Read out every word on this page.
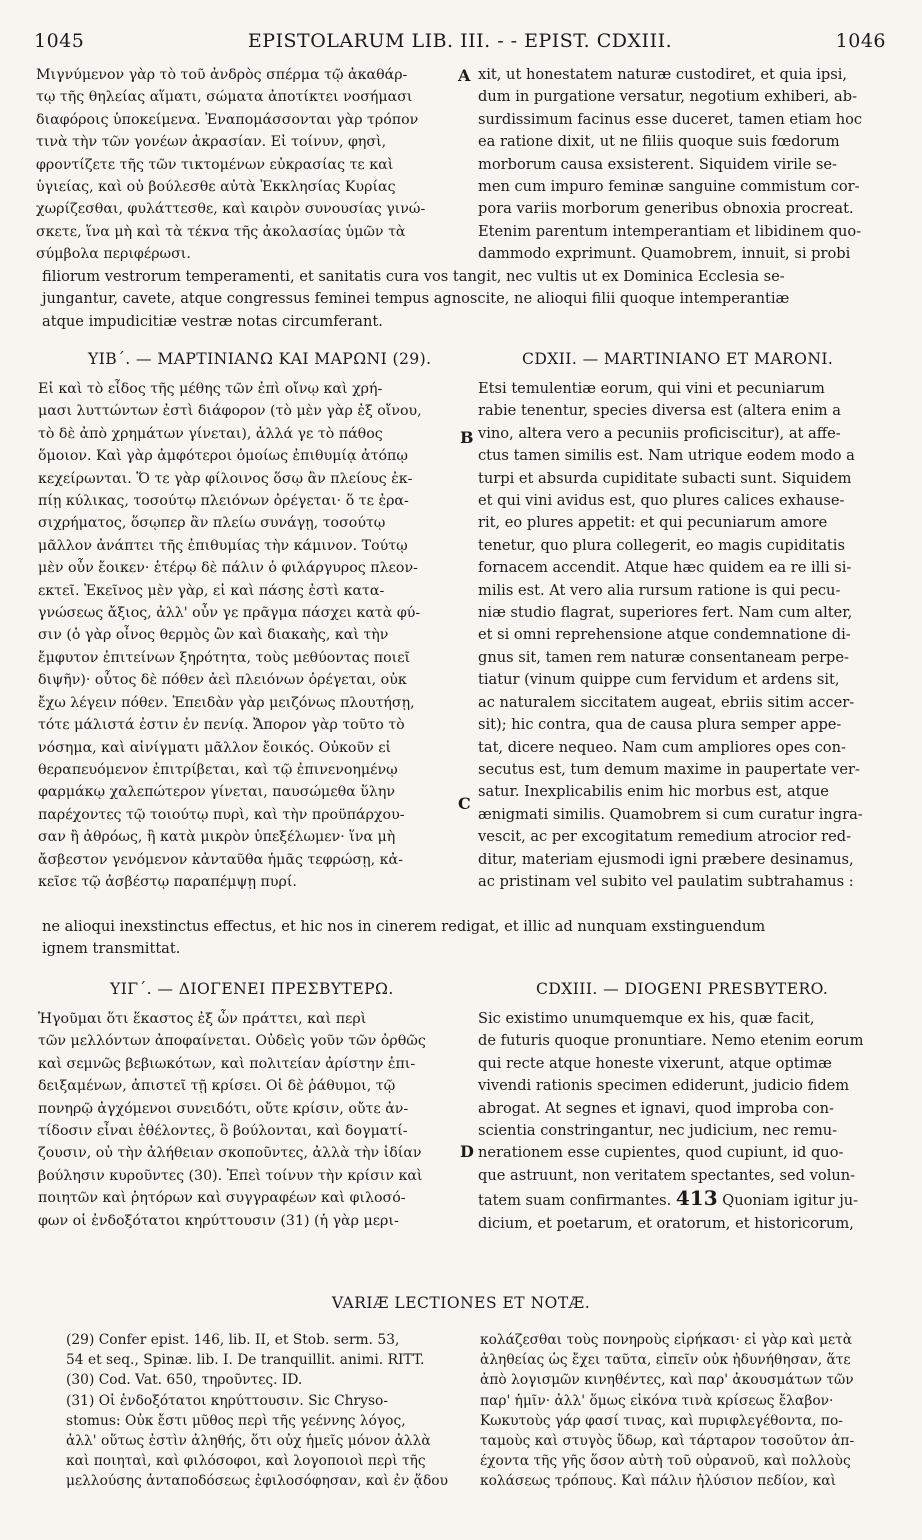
1045	EPISTOLARUM LIB. III. - - EPIST. CDXIII.	1046
Μιγνύμενον γὰρ τὸ τοῦ ἀνδρὸς σπέρμα τῷ ἀκαθάρ-
τῳ τῆς θηλείας αἵματι, σώματα ἀποτίκτει νοσήμασι
διαφόροις ὑποκείμενα. Ἐναπομάσσονται γὰρ τρόπον
τινὰ τὴν τῶν γονέων ἀκρασίαν. Εἰ τοίνυν, φησὶ,
φροντίζετε τῆς τῶν τικτομένων εὐκρασίας τε καὶ
ὑγιείας, καὶ οὐ βούλεσθε αὐτὰ Ἐκκλησίας Κυρίας
χωρίζεσθαι, φυλάττεσθε, καὶ καιρὸν συνουσίας γινώ-
σκετε, ἵνα μὴ καὶ τὰ τέκνα τῆς ἀκολασίας ὑμῶν τὰ
σύμβολα περιφέρωσι.
A xit, ut honestatem naturæ custodiret, et quia ipsi,
dum in purgatione versatur, negotium exhiberi, ab-
surdissimum facinus esse duceret, tamen etiam hoc
ea ratione dixit, ut ne filiis quoque suis fœdorum
morborum causa exsisterent. Siquidem virile se-
men cum impuro feminæ sanguine commistum cor-
pora variis morborum generibus obnoxia procreat.
Etenim parentum intemperantiam et libidinem quo-
dammodo exprimunt. Quamobrem, innuit, si probi
filiorum vestrorum temperamenti, et sanitatis cura vos tangit, nec vultis ut ex Dominica Ecclesia se-
jungantur, cavete, atque congressus feminei tempus agnoscite, ne alioqui filii quoque intemperantiæ
atque impudicitiæ vestræ notas circumferant.
ΥΙΒ΄. — ΜΑΡΤΙΝΙΑΝΩ ΚΑΙ ΜΑΡΩΝΙ (29).	CDXII. — MARTINIANO ET MARONI.
Εἰ καὶ τὸ εἶδος τῆς μέθης τῶν ἐπὶ οἴνῳ καὶ χρή-
μασι λυττώντων ἐστὶ διάφορον (τὸ μὲν γὰρ ἐξ οἴνου,
τὸ δὲ ἀπὸ χρημάτων γίνεται), ἀλλά γε τὸ πάθος
ὅμοιον. Καὶ γὰρ ἀμφότεροι ὁμοίως ἐπιθυμίᾳ ἀτόπῳ
κεχείρωνται. Ὅ τε γὰρ φίλοινος ὅσῳ ἂν πλείους ἐκ-
πίῃ κύλικας, τοσούτῳ πλειόνων ὀρέγεται· ὅ τε ἐρα-
σιχρήματος, ὅσῳπερ ἂν πλείω συνάγῃ, τοσούτῳ
μᾶλλον ἀνάπτει τῆς ἐπιθυμίας τὴν κάμινον. Τούτῳ
μὲν οὖν ἔοικεν· ἑτέρῳ δὲ πάλιν ὁ φιλάργυρος πλεον-
εκτεῖ. Ἐκεῖνος μὲν γὰρ, εἰ καὶ πάσης ἐστὶ κατα-
γνώσεως ἄξιος, ἀλλ' οὖν γε πρᾶγμα πάσχει κατὰ φύ-
σιν (ὁ γὰρ οἶνος θερμὸς ὢν καὶ διακαὴς, καὶ τὴν
ἔμφυτον ἐπιτείνων ξηρότητα, τοὺς μεθύοντας ποιεῖ
διψῆν)· οὗτος δὲ πόθεν ἀεὶ πλειόνων ὀρέγεται, οὐκ
ἔχω λέγειν πόθεν. Ἐπειδὰν γὰρ μειζόνως πλουτήσῃ,
τότε μάλιστά ἐστιν ἐν πενίᾳ. Ἄπορον γὰρ τοῦτο τὸ
νόσημα, καὶ αἰνίγματι μᾶλλον ἔοικός. Οὐκοῦν εἰ
θεραπευόμενον ἐπιτρίβεται, καὶ τῷ ἐπινενοημένῳ
φαρμάκῳ χαλεπώτερον γίνεται, παυσώμεθα ὕλην
παρέχοντες τῷ τοιούτῳ πυρὶ, καὶ τὴν προϋπάρχου-
σαν ἢ ἀθρόως, ἢ κατὰ μικρὸν ὑπεξέλωμεν· ἵνα μὴ
ἄσβεστον γενόμενον κἀνταῦθα ἡμᾶς τεφρώσῃ, κἀ-
κεῖσε τῷ ἀσβέστῳ παραπέμψῃ πυρί.
B
C
Etsi temulentiæ eorum, qui vini et pecuniarum
rabie tenentur, species diversa est (altera enim a
vino, altera vero a pecuniis proficiscitur), at affe-
ctus tamen similis est. Nam utrique eodem modo a
turpi et absurda cupiditate subacti sunt. Siquidem
et qui vini avidus est, quo plures calices exhause-
rit, eo plures appetit: et qui pecuniarum amore
tenetur, quo plura collegerit, eo magis cupiditatis
fornacem accendit. Atque hæc quidem ea re illi si-
milis est. At vero alia rursum ratione is qui pecu-
niæ studio flagrat, superiores fert. Nam cum alter,
et si omni reprehensione atque condemnatione di-
gnus sit, tamen rem naturæ consentaneam perpe-
tiatur (vinum quippe cum fervidum et ardens sit,
ac naturalem siccitatem augeat, ebriis sitim accer-
sit); hic contra, qua de causa plura semper appe-
tat, dicere nequeo. Nam cum ampliores opes con-
secutus est, tum demum maxime in paupertate ver-
satur. Inexplicabilis enim hic morbus est, atque
ænigmati similis. Quamobrem si cum curatur ingra-
vescit, ac per excogitatum remedium atrocior red-
ditur, materiam ejusmodi igni præbere desinamus,
ac pristinam vel subito vel paulatim subtrahamus :
ne alioqui inexstinctus effectus, et hic nos in cinerem redigat, et illic ad nunquam exstinguendum
ignem transmittat.
ΥΙΓ΄. — ΔΙΟΓΕΝΕΙ ΠΡΕΣΒΥΤΕΡΩ.	CDXIII. — DIOGENI PRESBYTERO.
Ἡγοῦμαι ὅτι ἕκαστος ἐξ ὧν πράττει, καὶ περὶ
τῶν μελλόντων ἀποφαίνεται. Οὐδεὶς γοῦν τῶν ὀρθῶς
καὶ σεμνῶς βεβιωκότων, καὶ πολιτείαν ἀρίστην ἐπι-
δειξαμένων, ἀπιστεῖ τῇ κρίσει. Οἱ δὲ ῥάθυμοι, τῷ
πονηρῷ ἀγχόμενοι συνειδότι, οὔτε κρίσιν, οὔτε ἀν-
τίδοσιν εἶναι ἐθέλοντες, ὃ βούλονται, καὶ δογματί-
ζουσιν, οὐ τὴν ἀλήθειαν σκοποῦντες, ἀλλὰ τὴν ἰδίαν
βούλησιν κυροῦντες (30). Ἐπεὶ τοίνυν τὴν κρίσιν καὶ
ποιητῶν καὶ ῥητόρων καὶ συγγραφέων καὶ φιλοσό-
φων οἱ ἐνδοξότατοι κηρύττουσιν (31) (ἡ γὰρ μερι-
D
Sic existimo unumquemque ex his, quæ facit,
de futuris quoque pronuntiare. Nemo etenim eorum
qui recte atque honeste vixerunt, atque optimæ
vivendi rationis specimen ediderunt, judicio fidem
abrogat. At segnes et ignavi, quod improba con-
scientia constringantur, nec judicium, nec remu-
nerationem esse cupientes, quod cupiunt, id quo-
que astruunt, non veritatem spectantes, sed volun-
tatem suam confirmantes. 413 Quoniam igitur ju-
dicium, et poetarum, et oratorum, et historicorum,
VARIÆ LECTIONES ET NOTÆ.
(29) Confer epist. 146, lib. II, et Stob. serm. 53,
54 et seq., Spinæ. lib. I. De tranquillit. animi. RITT.
(30) Cod. Vat. 650, τηροῦντες. ID.
(31) Οἱ ἐνδοξότατοι κηρύττουσιν. Sic Chryso-
stomus: Οὐκ ἔστι μῦθος περὶ τῆς γεέννης λόγος,
ἀλλ' οὕτως ἐστὶν ἀληθής, ὅτι οὐχ ἡμεῖς μόνον ἀλλὰ
καὶ ποιηταὶ, καὶ φιλόσοφοι, καὶ λογοποιοὶ περὶ τῆς
μελλούσης ἀνταποδόσεως ἐφιλοσόφησαν, καὶ ἐν ᾅδου
κολάζεσθαι τοὺς πονηροὺς εἰρήκασι· εἰ γὰρ καὶ μετὰ
ἀληθείας ὡς ἔχει ταῦτα, εἰπεῖν οὐκ ἠδυνήθησαν, ἅτε
ἀπὸ λογισμῶν κινηθέντες, καὶ παρ' ἀκουσμάτων τῶν
παρ' ἡμῖν· ἀλλ' ὅμως εἰκόνα τινὰ κρίσεως ἔλαβον·
Κωκυτοὺς γάρ φασί τινας, καὶ πυριφλεγέθοντα, πο-
ταμοὺς καὶ στυγὸς ὕδωρ, καὶ τάρταρον τοσοῦτον ἀπ-
έχοντα τῆς γῆς ὅσον αὐτὴ τοῦ οὐρανοῦ, καὶ πολλοὺς
κολάσεως τρόπους. Καὶ πάλιν ἠλύσιον πεδίον, καὶ
